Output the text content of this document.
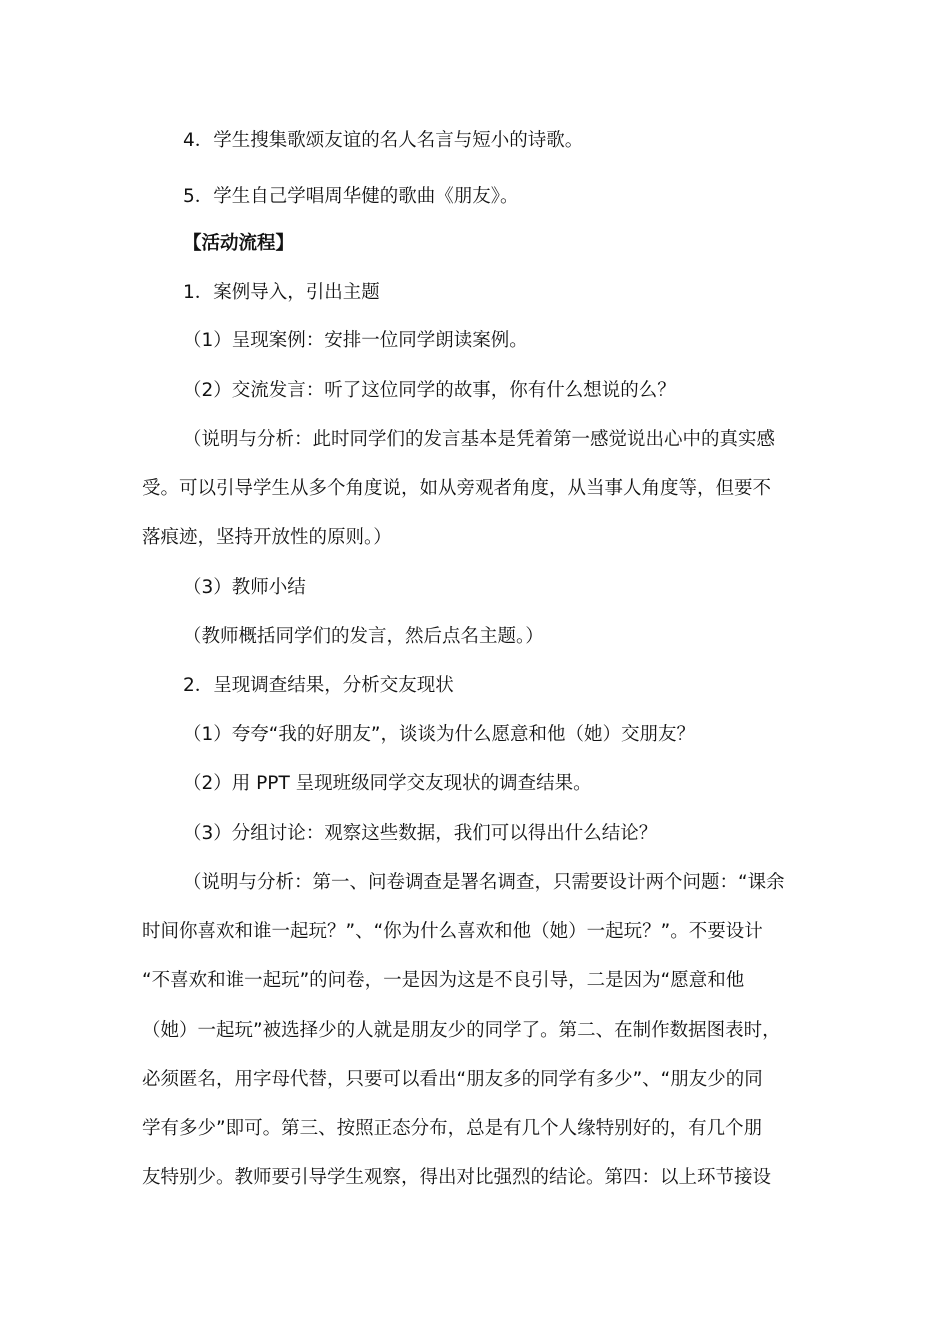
4．学生搜集歌颂友谊的名人名言与短小的诗歌。
5．学生自己学唱周华健的歌曲《朋友》。
【活动流程】
1．案例导入，引出主题
（1）呈现案例：安排一位同学朗读案例。
（2）交流发言：听了这位同学的故事，你有什么想说的么？
（说明与分析：此时同学们的发言基本是凭着第一感觉说出心中的真实感
受。可以引导学生从多个角度说，如从旁观者角度，从当事人角度等，但要不
落痕迹，坚持开放性的原则。）
（3）教师小结
（教师概括同学们的发言，然后点名主题。）
2．呈现调查结果，分析交友现状
（1）夸夸“我的好朋友”，谈谈为什么愿意和他（她）交朋友？
（2）用 PPT 呈现班级同学交友现状的调查结果。
（3）分组讨论：观察这些数据，我们可以得出什么结论？
（说明与分析：第一、问卷调查是署名调查，只需要设计两个问题：“课余
时间你喜欢和谁一起玩？”、“你为什么喜欢和他（她）一起玩？”。不要设计
“不喜欢和谁一起玩”的问卷，一是因为这是不良引导，二是因为“愿意和他
（她）一起玩”被选择少的人就是朋友少的同学了。第二、在制作数据图表时，
必须匿名，用字母代替，只要可以看出“朋友多的同学有多少”、“朋友少的同
学有多少”即可。第三、按照正态分布，总是有几个人缘特别好的，有几个朋
友特别少。教师要引导学生观察，得出对比强烈的结论。第四：以上环节接设
